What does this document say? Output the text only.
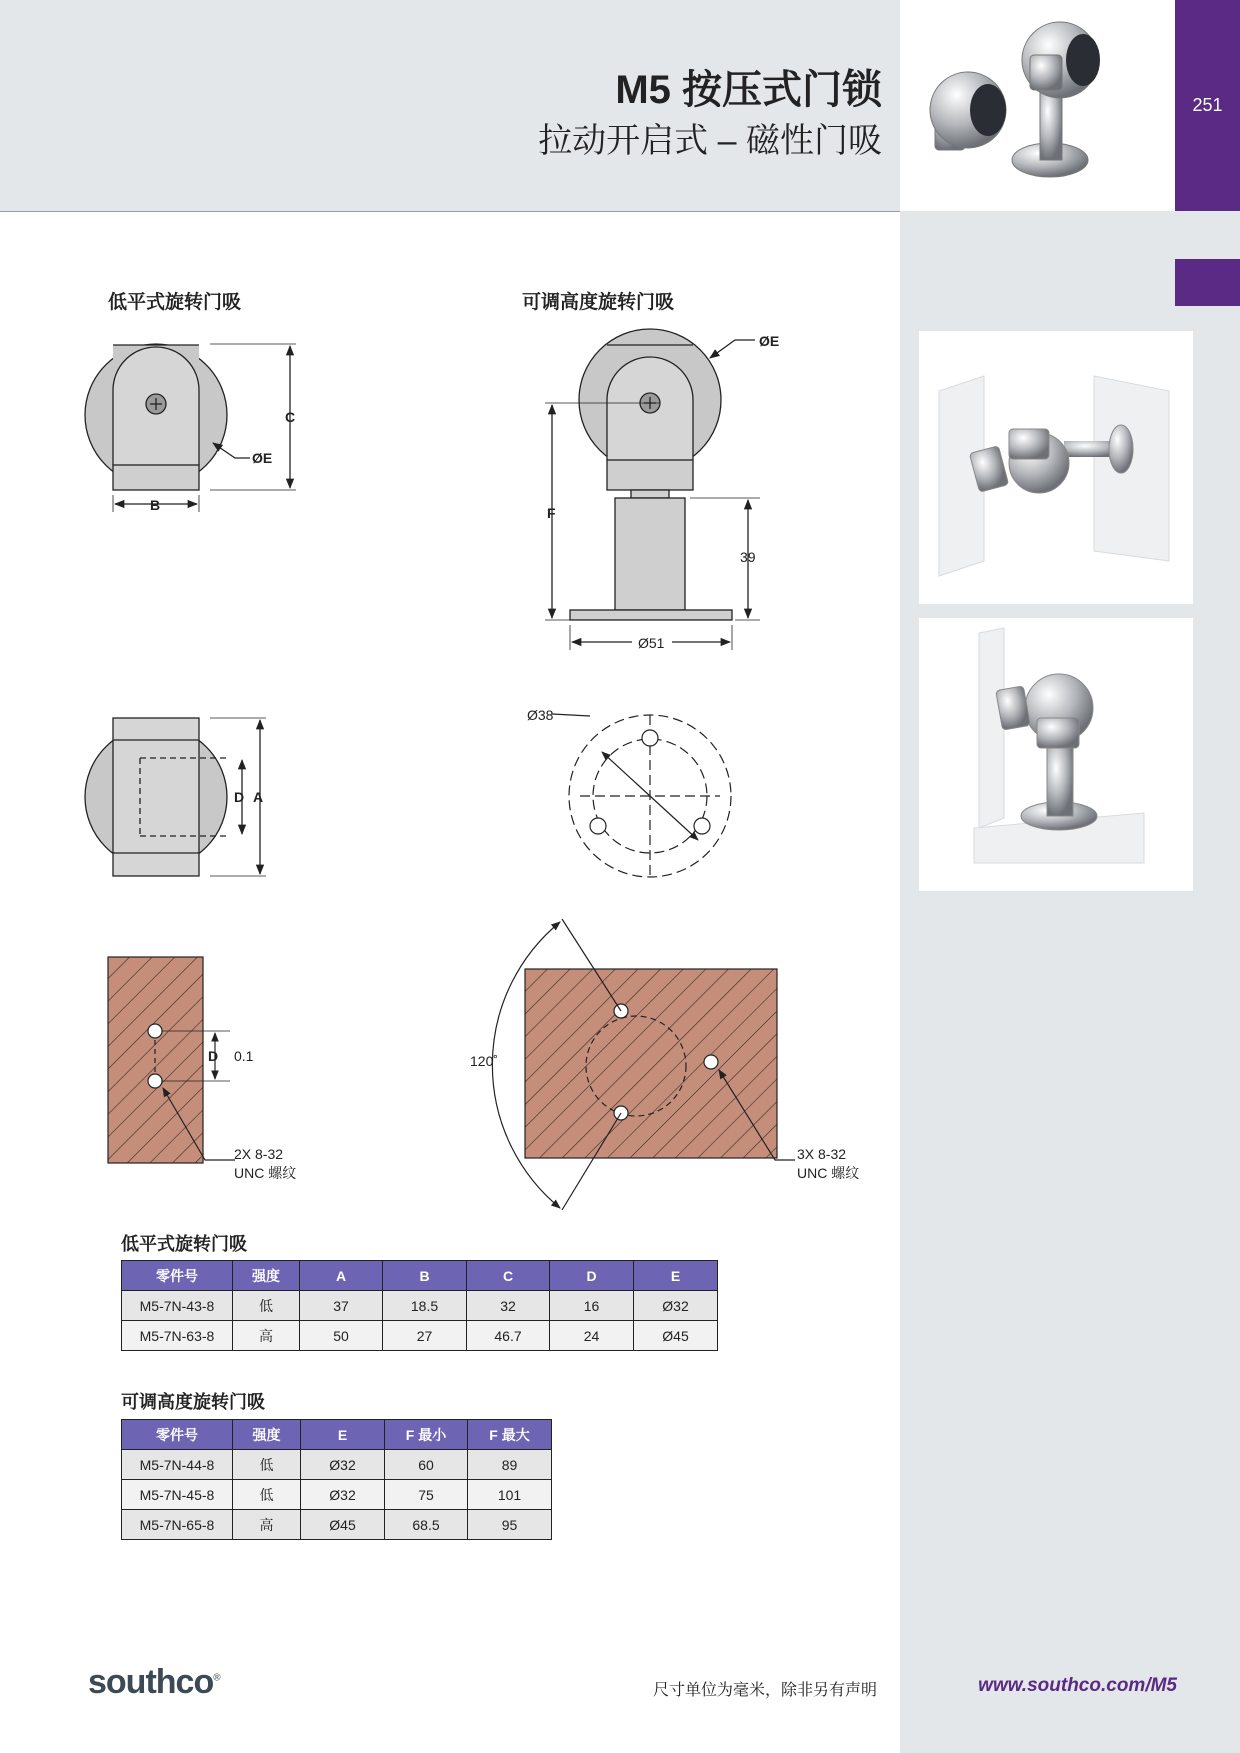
M5 按压式门锁
拉动开启式 – 磁性门吸
251
低平式旋转门吸	可调高度旋转门吸
C
ØE
B
ØE
F
39
Ø51
D A
Ø38
D 0.1	120˚
2X 8-32
UNC 螺纹
3X 8-32
UNC 螺纹
低平式旋转门吸
零件号	强度	A	B	C	D	E
M5-7N-43-8	低	37	18.5	32	16	Ø32
M5-7N-63-8	高	50	27	46.7	24	Ø45
可调高度旋转门吸
零件号	强度	E	F 最小	F 最大
M5-7N-44-8	低	Ø32	60	89
M5-7N-45-8	低	Ø32	75	101
M5-7N-65-8	高	Ø45	68.5	95
southco®
尺寸单位为毫米，除非另有声明	www.southco.com/M5
